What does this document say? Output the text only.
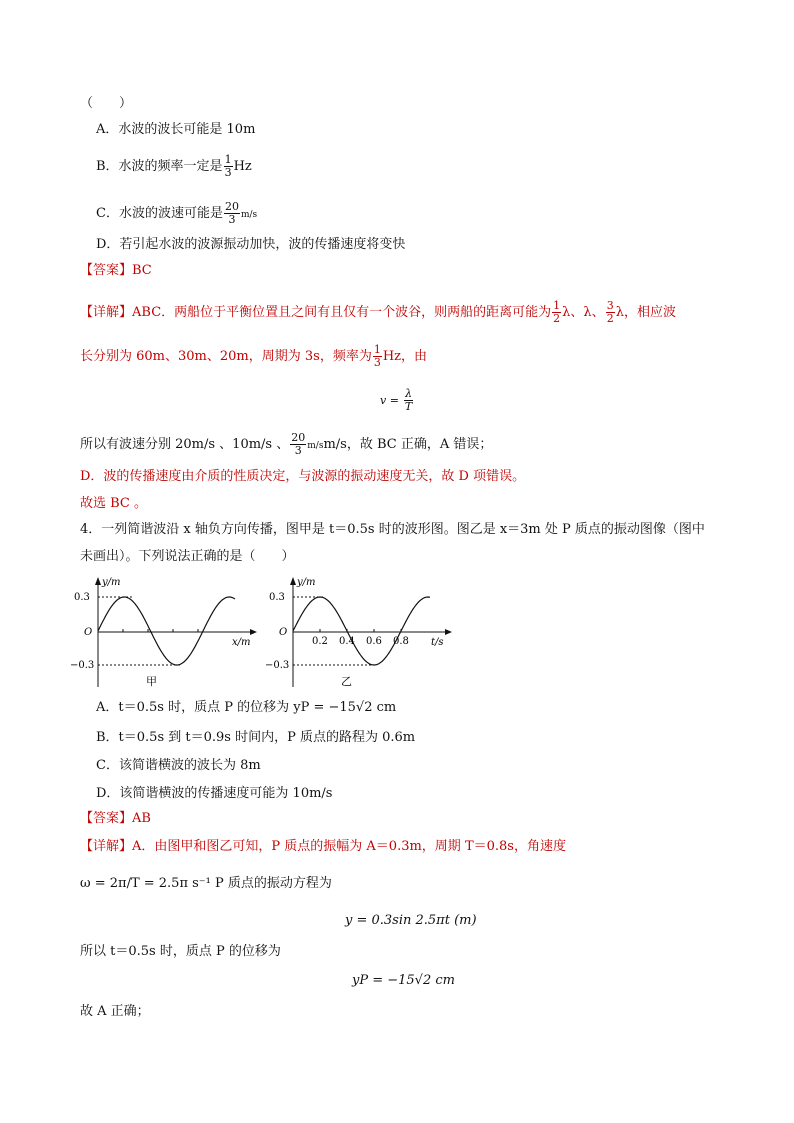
（　　）
A．水波的波长可能是 10m
B．水波的频率一定是 $\frac{1}{3}$ Hz
C．水波的波速可能是 $\frac{20}{3} m/s$
D．若引起水波的波源振动加快，波的传播速度将变快
【答案】BC
【详解】ABC．两船位于平衡位置且之间有且仅有一个波谷，则两船的距离可能为 $\frac{1}{2}$ λ、λ、 $\frac{3}{2}$ λ，相应波
长分别为 60m、30m、20m，周期为 3s，频率为 $\frac{1}{3}$ Hz，由
$v = \frac{\lambda}{T}$
所以有波速分别 20m/s 、10m/s 、 $\frac{20}{3} m/sm/s$，故 BC 正确，A 错误；
D．波的传播速度由介质的性质决定，与波源的振动速度无关，故 D 项错误。
故选 BC 。
4．一列简谐波沿 x 轴负方向传播，图甲是 t＝0.5s 时的波形图。图乙是 x＝3m 处 P 质点的振动图像（图中
未画出）。下列说法正确的是（　　）
y/m
0.3
−0.3
O
x/m
甲
y/m
0.3
−0.3
O
0.2 0.4 0.6 0.8 t/s
乙
A．t＝0.5s 时，质点 P 的位移为 yP = −15√2 cm
B．t＝0.5s 到 t＝0.9s 时间内，P 质点的路程为 0.6m
C．该简谐横波的波长为 8m
D．该简谐横波的传播速度可能为 10m/s
【答案】AB
【详解】A．由图甲和图乙可知，P 质点的振幅为 A＝0.3m，周期 T＝0.8s，角速度
ω = 2π/T = 2.5π s⁻¹ P 质点的振动方程为
y = 0.3sin 2.5πt (m)
所以 t＝0.5s 时，质点 P 的位移为
yP = −15√2 cm
故 A 正确；
